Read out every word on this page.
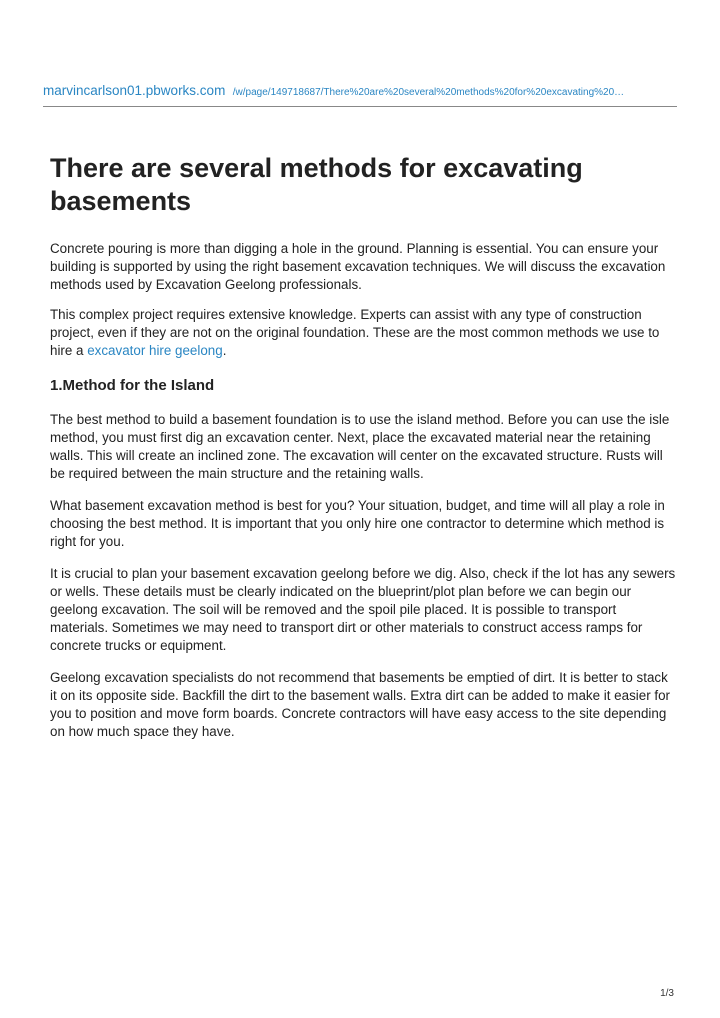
marvincarlson01.pbworks.com /w/page/149718687/There%20are%20several%20methods%20for%20excavating%20…
There are several methods for excavating basements

Concrete pouring is more than digging a hole in the ground. Planning is essential. You can ensure your building is supported by using the right basement excavation techniques. We will discuss the excavation methods used by Excavation Geelong professionals.

This complex project requires extensive knowledge. Experts can assist with any type of construction project, even if they are not on the original foundation. These are the most common methods we use to hire a excavator hire geelong.

1.Method for the Island

The best method to build a basement foundation is to use the island method. Before you can use the isle method, you must first dig an excavation center. Next, place the excavated material near the retaining walls. This will create an inclined zone. The excavation will center on the excavated structure. Rusts will be required between the main structure and the retaining walls.

What basement excavation method is best for you? Your situation, budget, and time will all play a role in choosing the best method. It is important that you only hire one contractor to determine which method is right for you.

It is crucial to plan your basement excavation geelong before we dig. Also, check if the lot has any sewers or wells. These details must be clearly indicated on the blueprint/plot plan before we can begin our geelong excavation. The soil will be removed and the spoil pile placed. It is possible to transport materials. Sometimes we may need to transport dirt or other materials to construct access ramps for concrete trucks or equipment.

Geelong excavation specialists do not recommend that basements be emptied of dirt. It is better to stack it on its opposite side. Backfill the dirt to the basement walls. Extra dirt can be added to make it easier for you to position and move form boards. Concrete contractors will have easy access to the site depending on how much space they have.

1/3
